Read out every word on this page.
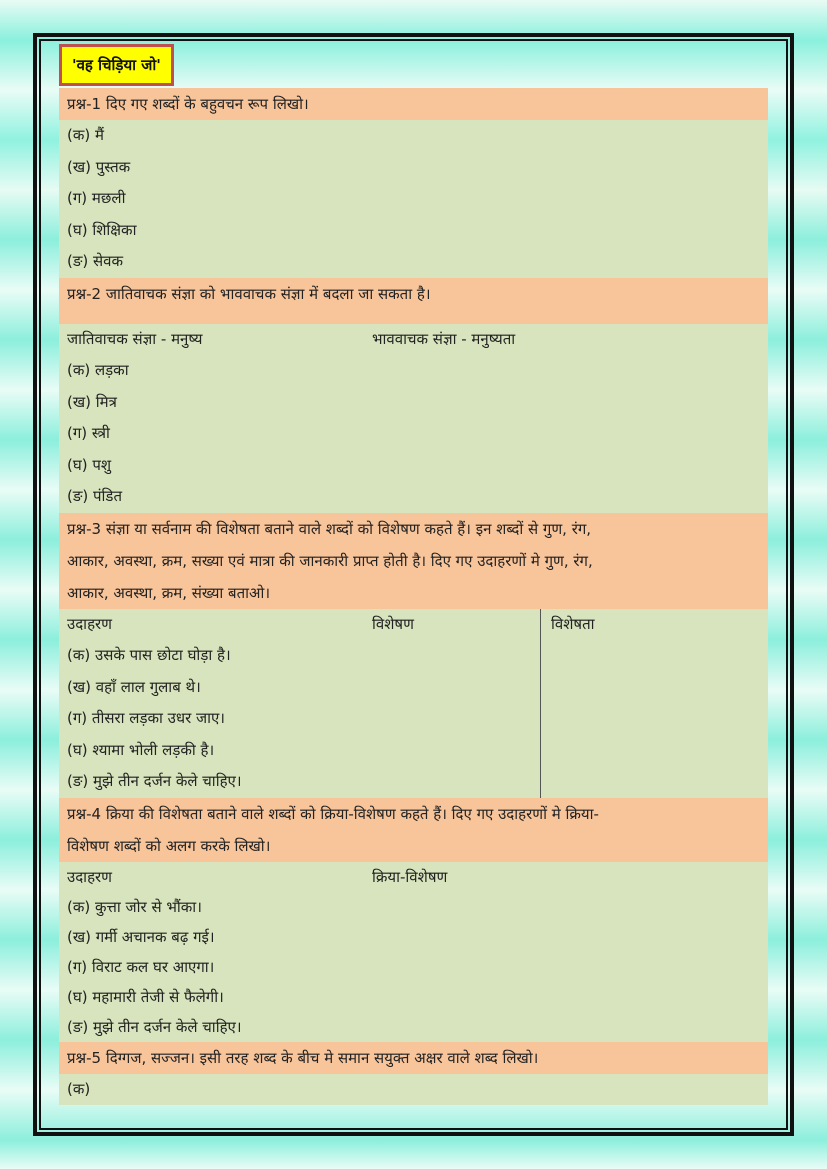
'वह चिड़िया जो'
प्रश्न-1 दिए गए शब्दों के बहुवचन रूप लिखो।
(क) मैं
(ख) पुस्तक
(ग) मछली
(घ) शिक्षिका
(ङ) सेवक
प्रश्न-2 जातिवाचक संज्ञा को भाववाचक संज्ञा में बदला जा सकता है।
जातिवाचक संज्ञा - मनुष्य	भाववाचक संज्ञा - मनुष्यता
(क) लड़का
(ख) मित्र
(ग) स्त्री
(घ) पशु
(ङ) पंडित
प्रश्न-3 संज्ञा या सर्वनाम की विशेषता बताने वाले शब्दों को विशेषण कहते हैं। इन शब्दों से गुण, रंग,
आकार, अवस्था, क्रम, सख्या एवं मात्रा की जानकारी प्राप्त होती है। दिए गए उदाहरणों मे गुण, रंग,
आकार, अवस्था, क्रम, संख्या बताओ।
उदाहरण	विशेषण	विशेषता
(क) उसके पास छोटा घोड़ा है।
(ख) वहाँ लाल गुलाब थे।
(ग) तीसरा लड़का उधर जाए।
(घ) श्यामा भोली लड़की है।
(ङ) मुझे तीन दर्जन केले चाहिए।
प्रश्न-4 क्रिया की विशेषता बताने वाले शब्दों को क्रिया-विशेषण कहते हैं। दिए गए उदाहरणों मे क्रिया-
विशेषण शब्दों को अलग करके लिखो।
उदाहरण	क्रिया-विशेषण
(क) कुत्ता जोर से भौंका।
(ख) गर्मी अचानक बढ़ गई।
(ग) विराट कल घर आएगा।
(घ) महामारी तेजी से फैलेगी।
(ङ) मुझे तीन दर्जन केले चाहिए।
प्रश्न-5 दिग्गज, सज्जन। इसी तरह शब्द के बीच मे समान सयुक्त अक्षर वाले शब्द लिखो।
(क)
